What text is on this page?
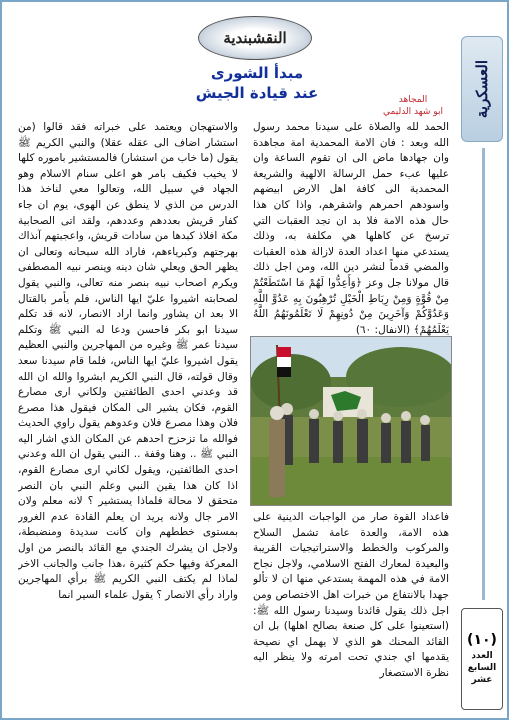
العسكرية
(١٠)
العدد
السابع
عشر
النقشبندية
مبدأ الشورى
عند قيادة الجيش	المجاهد
ابو شهد الدليمي
الحمد لله والصلاة على سيدنا محمد رسول الله وبعد : فان الامة المحمدية امة مجاهدة وان جهادها ماض الى ان تقوم الساعة وان عليها عبء حمل الرسالة الالهية والشريعة المحمدية الى كافة اهل الارض ابيضهم واسودهم احمرهم واشقرهم، واذا كان هذا حال هذه الامة فلا بد ان تجد العقبات التي ترسخ عن كاهلها هي مكلفة به، وذلك يستدعي منها اعداد العدة لازالة هذه العقبات والمضي قدماً لنشر دين الله، ومن اجل ذلك قال مولانا جل وعز ﴿وَأَعِدُّوا لَهُمْ مَا اسْتَطَعْتُمْ مِنْ قُوَّةٍ وَمِنْ رِبَاطِ الْخَيْلِ تُرْهِبُونَ بِهِ عَدُوَّ اللَّهِ وَعَدُوَّكُمْ وَآخَرِينَ مِنْ دُونِهِمْ لَا تَعْلَمُونَهُمُ اللَّهُ يَعْلَمُهُمْ﴾ (الانفال: ٦٠)
فاعداد القوة صار من الواجبات الدينية على هذه الامة، والعدة عامة تشمل السلاح والمركوب والخطط والاستراتيجيات القريبة والبعيدة لمعارك الفتح الاسلامي، ولاجل نجاح الامة في هذه المهمة يستدعي منها ان لا تألو جهدا بالانتفاع من خبرات اهل الاختصاص ومن اجل ذلك يقول قائدنا وسيدنا رسول الله ﷺ: (استعينوا على كل صنعة بصالح اهلها) بل ان القائد المحنك هو الذي لا يهمل اي نصيحة يقدمها اي جندي تحت امرته ولا ينظر اليه نظرة الاستصغار
والاستهجان ويعتمد على خبراته فقد قالوا (من استشار اضاف الى عقله عقلا) والنبي الكريم ﷺ يقول (ما خاب من استشار) فالمستشير باموره كلها لا يخيب فكيف بامر هو اعلى سنام الاسلام وهو الجهاد في سبيل الله، وتعالوا معي لناخذ هذا الدرس من الذي لا ينطق عن الهوى، يوم ان جاء كفار قريش بعددهم وعددهم، ولقد اتى الصحابية مكة افلاذ كبدها من سادات قريش، واعجبتهم آنذاك بهرجتهم وكبرياءهم، فاراد الله سبحانه وتعالى ان يظهر الحق ويعلي شان دينه وينصر نبيه المصطفى ويكرم اصحاب نبيه بنصر منه تعالى، والنبي يقول لصحابته اشيروا عليّ ايها الناس، فلم يأمر بالقتال الا بعد ان يشاور وانما اراد الانصار، لانه قد تكلم سيدنا ابو بكر فاحسن ودعا له النبي ﷺ وتكلم سيدنا عمر ﷺ وغيره من المهاجرين والنبي العظيم يقول اشيروا عليّ ايها الناس، فلما قام سيدنا سعد وقال قولته، قال النبي الكريم ابشروا والله ان الله قد وعدني احدى الطائفتين ولكاني ارى مصارع القوم، فكان يشير الى المكان فيقول هذا مصرع فلان وهذا مصرع فلان وعدوهم يقول راوي الحديث فوالله ما تزحزح احدهم عن المكان الذي اشار اليه النبي ﷺ .. وهنا وقفة .. النبي يقول ان الله وعدني احدى الطائفتين، ويقول لكاني ارى مصارع القوم، اذا كان هذا يقين النبي وعلم النبي بان النصر متحقق لا محالة فلماذا يستشير ؟ لانه معلم ولان الامر جال ولانه يريد ان يعلم القادة عدم الغرور بمستوى خططهم وان كانت سديدة ومنضبطة، ولاجل ان يشرك الجندي مع القائد بالنصر من اول المعركة وفيها حكم كثيرة ،هذا جانب والجانب الاخر لماذا لم يكتف النبي الكريم ﷺ برأي المهاجرين واراد رأي الانصار ؟ يقول علماء السير انما
